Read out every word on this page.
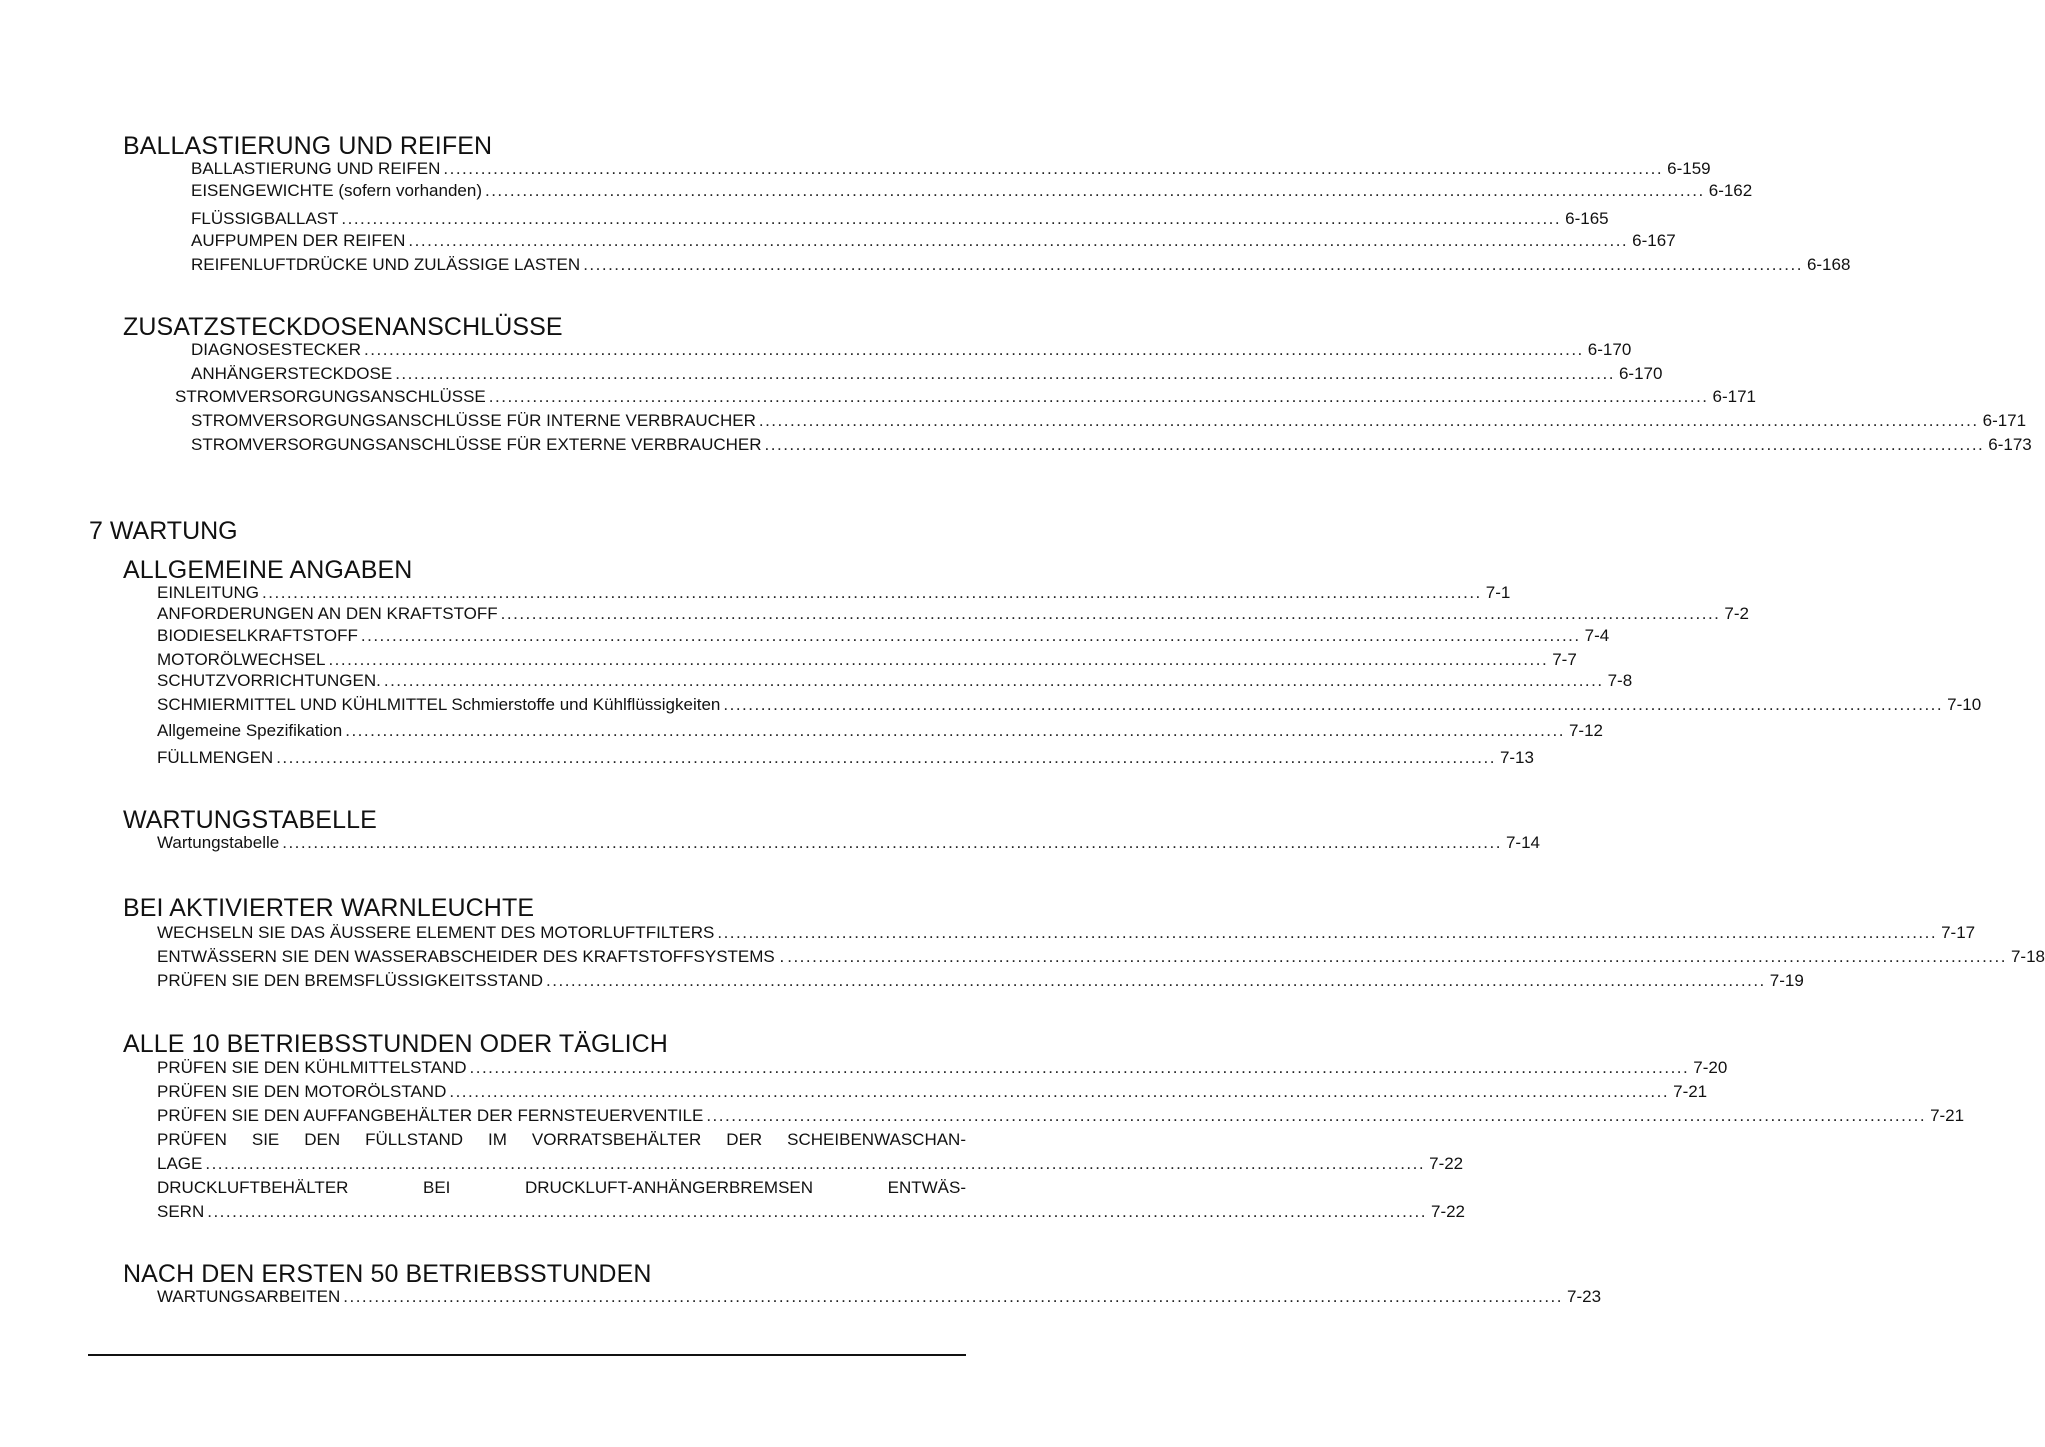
BALLASTIERUNG UND REIFEN
BALLASTIERUNG UND REIFEN .................................................................................................................................................................................................... 6-159
EISENGEWICHTE (sofern vorhanden) .................................................................................................................................................................................................... 6-162
FLÜSSIGBALLAST .................................................................................................................................................................................................... 6-165
AUFPUMPEN DER REIFEN .................................................................................................................................................................................................... 6-167
REIFENLUFTDRÜCKE UND ZULÄSSIGE LASTEN .................................................................................................................................................................................................... 6-168
ZUSATZSTECKDOSENANSCHLÜSSE
DIAGNOSESTECKER .................................................................................................................................................................................................... 6-170
ANHÄNGERSTECKDOSE .................................................................................................................................................................................................... 6-170
STROMVERSORGUNGSANSCHLÜSSE .................................................................................................................................................................................................... 6-171
STROMVERSORGUNGSANSCHLÜSSE FÜR INTERNE VERBRAUCHER .................................................................................................................................................................................................... 6-171
STROMVERSORGUNGSANSCHLÜSSE FÜR EXTERNE VERBRAUCHER .................................................................................................................................................................................................... 6-173
7 WARTUNG
ALLGEMEINE ANGABEN
EINLEITUNG .................................................................................................................................................................................................... 7-1
ANFORDERUNGEN AN DEN KRAFTSTOFF .................................................................................................................................................................................................... 7-2
BIODIESELKRAFTSTOFF .................................................................................................................................................................................................... 7-4
MOTORÖLWECHSEL .................................................................................................................................................................................................... 7-7
SCHUTZVORRICHTUNGEN. .................................................................................................................................................................................................... 7-8
SCHMIERMITTEL UND KÜHLMITTEL Schmierstoffe und Kühlflüssigkeiten .................................................................................................................................................................................................... 7-10
Allgemeine Spezifikation .................................................................................................................................................................................................... 7-12
FÜLLMENGEN .................................................................................................................................................................................................... 7-13
WARTUNGSTABELLE
Wartungstabelle .................................................................................................................................................................................................... 7-14
BEI AKTIVIERTER WARNLEUCHTE
WECHSELN SIE DAS ÄUSSERE ELEMENT DES MOTORLUFTFILTERS .................................................................................................................................................................................................... 7-17
ENTWÄSSERN SIE DEN WASSERABSCHEIDER DES KRAFTSTOFFSYSTEMS . .................................................................................................................................................................................................... 7-18
PRÜFEN SIE DEN BREMSFLÜSSIGKEITSSTAND .................................................................................................................................................................................................... 7-19
ALLE 10 BETRIEBSSTUNDEN ODER TÄGLICH
PRÜFEN SIE DEN KÜHLMITTELSTAND .................................................................................................................................................................................................... 7-20
PRÜFEN SIE DEN MOTORÖLSTAND .................................................................................................................................................................................................... 7-21
PRÜFEN SIE DEN AUFFANGBEHÄLTER DER FERNSTEUERVENTILE .................................................................................................................................................................................................... 7-21
PRÜFEN SIE DEN FÜLLSTAND IM VORRATSBEHÄLTER DER SCHEIBENWASCHAN-
LAGE .................................................................................................................................................................................................... 7-22
DRUCKLUFTBEHÄLTER BEI DRUCKLUFT-ANHÄNGERBREMSEN ENTWÄS-
SERN .................................................................................................................................................................................................... 7-22
NACH DEN ERSTEN 50 BETRIEBSSTUNDEN
WARTUNGSARBEITEN .................................................................................................................................................................................................... 7-23
